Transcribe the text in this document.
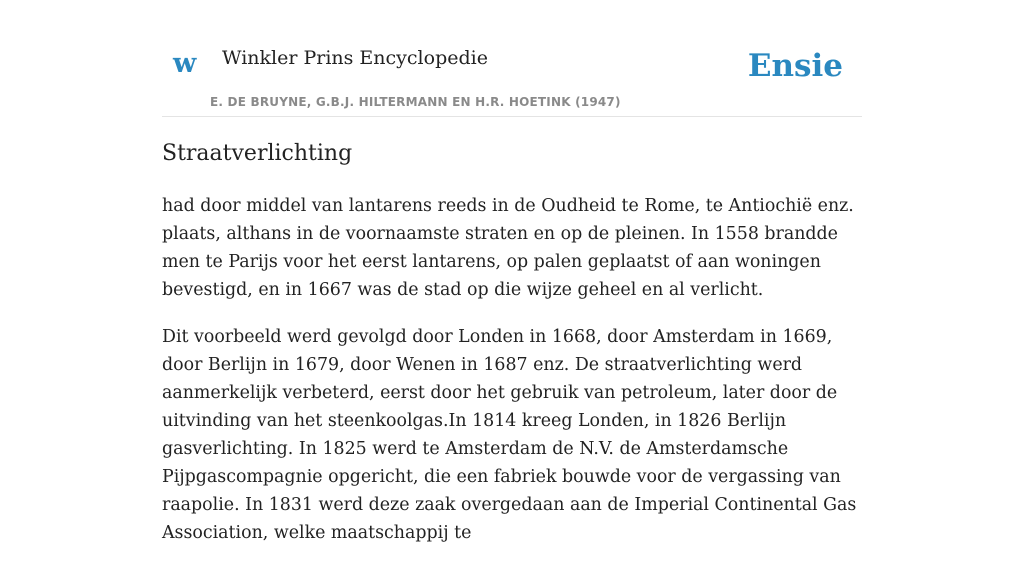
w Winkler Prins Encyclopedie
E. DE BRUYNE, G.B.J. HILTERMANN EN H.R. HOETINK (1947)
Ensie
Straatverlichting

had door middel van lantarens reeds in de Oudheid te Rome, te Antiochië enz. plaats, althans in de voornaamste straten en op de pleinen. In 1558 brandde men te Parijs voor het eerst lantarens, op palen geplaatst of aan woningen bevestigd, en in 1667 was de stad op die wijze geheel en al verlicht.

Dit voorbeeld werd gevolgd door Londen in 1668, door Amsterdam in 1669, door Berlijn in 1679, door Wenen in 1687 enz. De straatverlichting werd aanmerkelijk verbeterd, eerst door het gebruik van petroleum, later door de uitvinding van het steenkoolgas.In 1814 kreeg Londen, in 1826 Berlijn gasverlichting. In 1825 werd te Amsterdam de N.V. de Amsterdamsche Pijpgascompagnie opgericht, die een fabriek bouwde voor de vergassing van raapolie. In 1831 werd deze zaak overgedaan aan de Imperial Continental Gas Association, welke maatschappij te
